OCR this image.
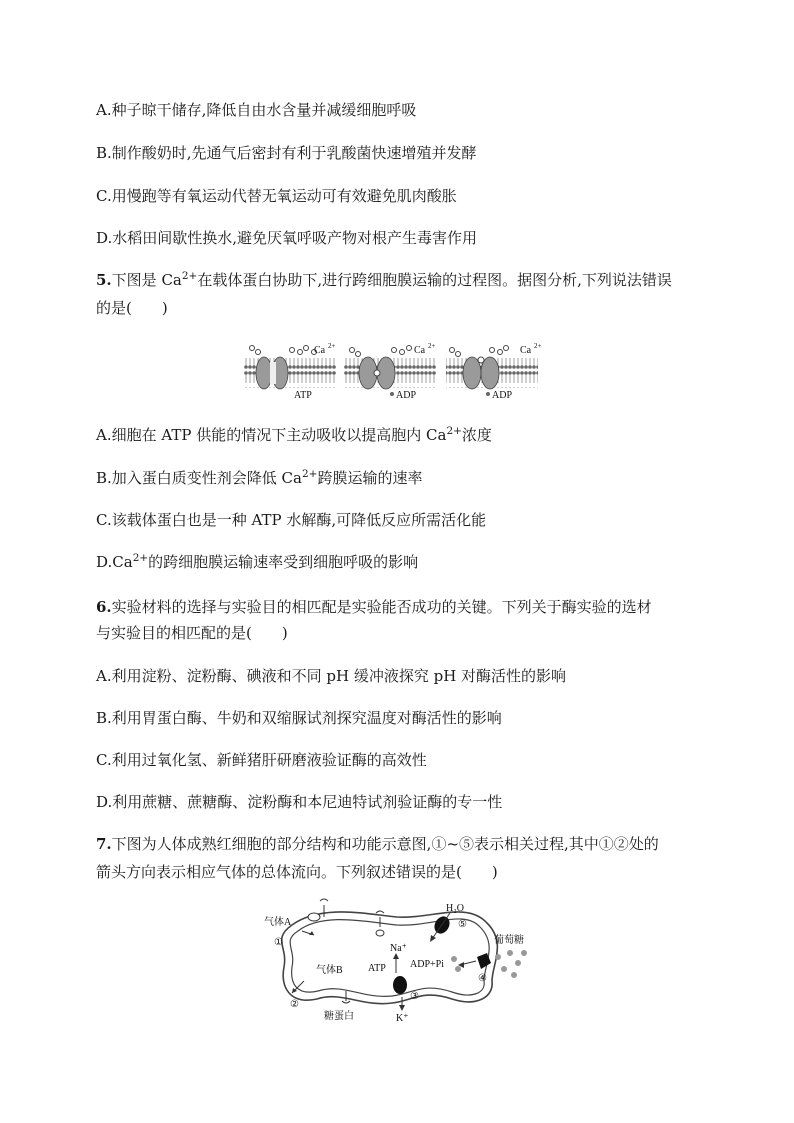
A.种子晾干储存,降低自由水含量并减缓细胞呼吸
B.制作酸奶时,先通气后密封有利于乳酸菌快速增殖并发酵
C.用慢跑等有氧运动代替无氧运动可有效避免肌肉酸胀
D.水稻田间歇性换水,避免厌氧呼吸产物对根产生毒害作用
5.下图是 $Ca^{2+}$在载体蛋白协助下,进行跨细胞膜运输的过程图。据图分析,下列说法错误
的是(　　)
Ca 2+
ATP
Ca 2+
ADP
Ca 2+
ADP
A.细胞在 ATP 供能的情况下主动吸收以提高胞内 $Ca^{2+}$浓度
B.加入蛋白质变性剂会降低 $Ca^{2+}$跨膜运输的速率
C.该载体蛋白也是一种 ATP 水解酶,可降低反应所需活化能
$D.Ca^{2+}$的跨细胞膜运输速率受到细胞呼吸的影响
6.实验材料的选择与实验目的相匹配是实验能否成功的关键。下列关于酶实验的选材
与实验目的相匹配的是(　　)
A.利用淀粉、淀粉酶、碘液和不同 pH 缓冲液探究 pH 对酶活性的影响
B.利用胃蛋白酶、牛奶和双缩脲试剂探究温度对酶活性的影响
C.利用过氧化氢、新鲜猪肝研磨液验证酶的高效性
D.利用蔗糖、蔗糖酶、淀粉酶和本尼迪特试剂验证酶的专一性
7.下图为人体成熟红细胞的部分结构和功能示意图,①~⑤表示相关过程,其中①②处的
箭头方向表示相应气体的总体流向。下列叙述错误的是(　　)
气体A
①
气体B
②
糖蛋白
Na⁺
ATP ADP+Pi
③
K⁺
H₂O
⑤
④
葡萄糖
